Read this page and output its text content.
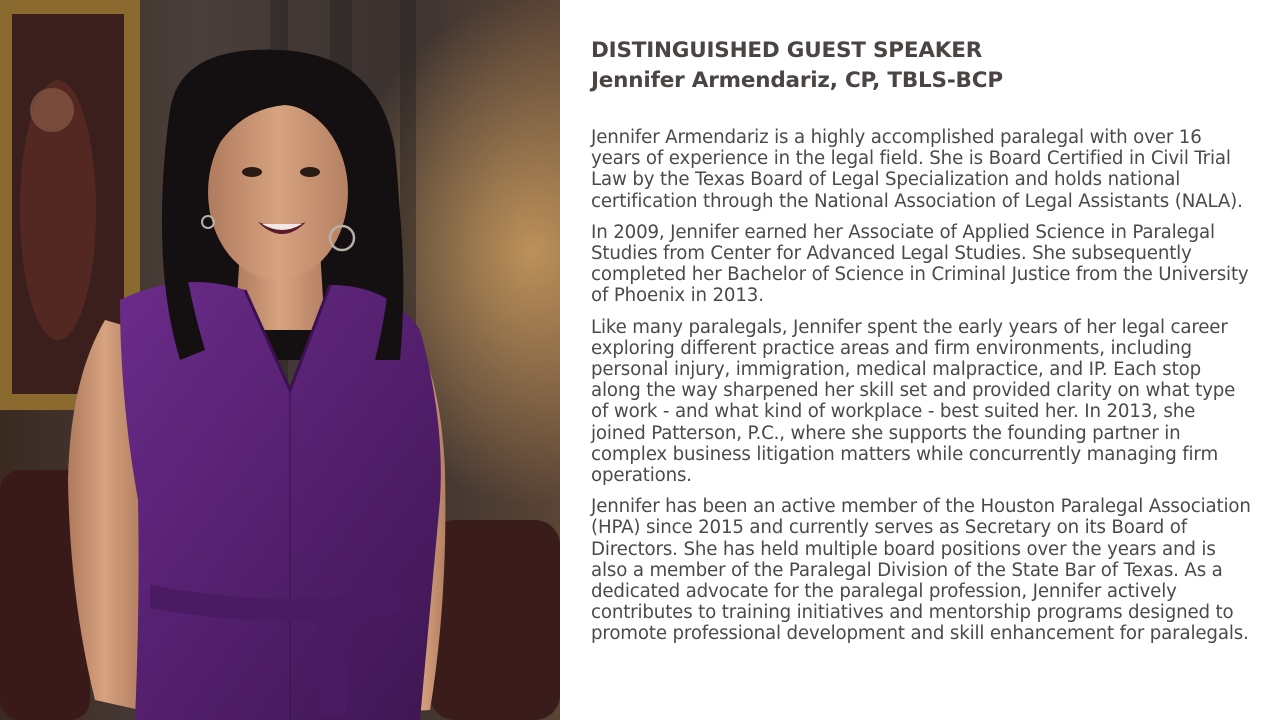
DISTINGUISHED GUEST SPEAKER
Jennifer Armendariz, CP, TBLS-BCP

Jennifer Armendariz is a highly accomplished paralegal with over 16 years of experience in the legal field. She is Board Certified in Civil Trial Law by the Texas Board of Legal Specialization and holds national certification through the National Association of Legal Assistants (NALA).

In 2009, Jennifer earned her Associate of Applied Science in Paralegal Studies from Center for Advanced Legal Studies. She subsequently completed her Bachelor of Science in Criminal Justice from the University of Phoenix in 2013.

Like many paralegals, Jennifer spent the early years of her legal career exploring different practice areas and firm environments, including personal injury, immigration, medical malpractice, and IP. Each stop along the way sharpened her skill set and provided clarity on what type of work - and what kind of workplace - best suited her. In 2013, she joined Patterson, P.C., where she supports the founding partner in complex business litigation matters while concurrently managing firm operations.

Jennifer has been an active member of the Houston Paralegal Association (HPA) since 2015 and currently serves as Secretary on its Board of Directors. She has held multiple board positions over the years and is also a member of the Paralegal Division of the State Bar of Texas. As a dedicated advocate for the paralegal profession, Jennifer actively contributes to training initiatives and mentorship programs designed to promote professional development and skill enhancement for paralegals.
